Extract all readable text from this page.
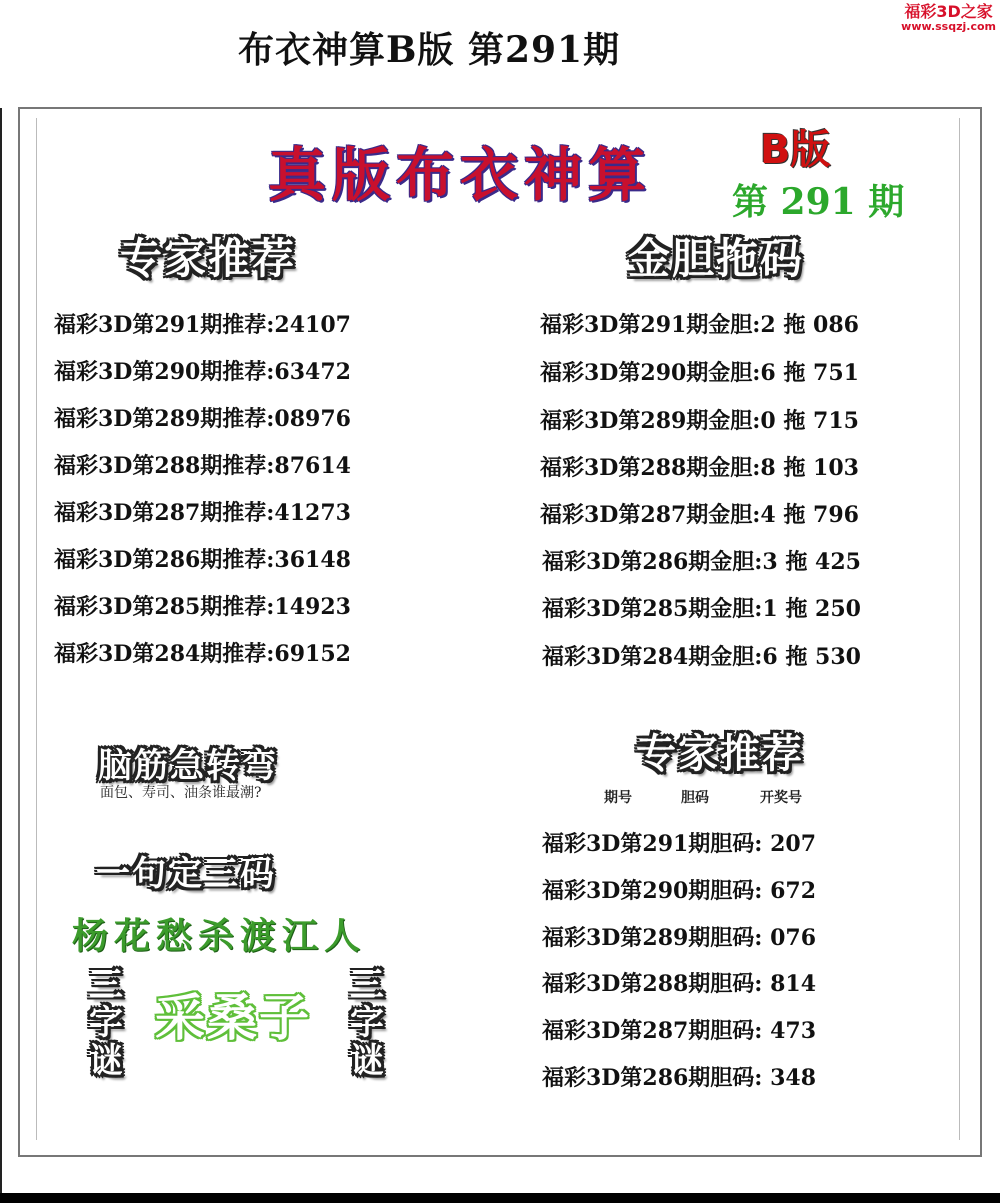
布衣神算B版 第291期
福彩3D之家
www.ssqzj.com
真版布衣神算	B版
第 291 期
专家推荐
福彩3D第291期推荐:24107
福彩3D第290期推荐:63472
福彩3D第289期推荐:08976
福彩3D第288期推荐:87614
福彩3D第287期推荐:41273
福彩3D第286期推荐:36148
福彩3D第285期推荐:14923
福彩3D第284期推荐:69152
金胆拖码
福彩3D第291期金胆:2 拖 086
福彩3D第290期金胆:6 拖 751
福彩3D第289期金胆:0 拖 715
福彩3D第288期金胆:8 拖 103
福彩3D第287期金胆:4 拖 796
福彩3D第286期金胆:3 拖 425
福彩3D第285期金胆:1 拖 250
福彩3D第284期金胆:6 拖 530
脑筋急转弯
面包、寿司、油条谁最潮?
一句定三码
杨花愁杀渡江人
三字谜
采桑子
三字谜
专家推荐
期号	胆码	开奖号
福彩3D第291期胆码: 207
福彩3D第290期胆码: 672
福彩3D第289期胆码: 076
福彩3D第288期胆码: 814
福彩3D第287期胆码: 473
福彩3D第286期胆码: 348
